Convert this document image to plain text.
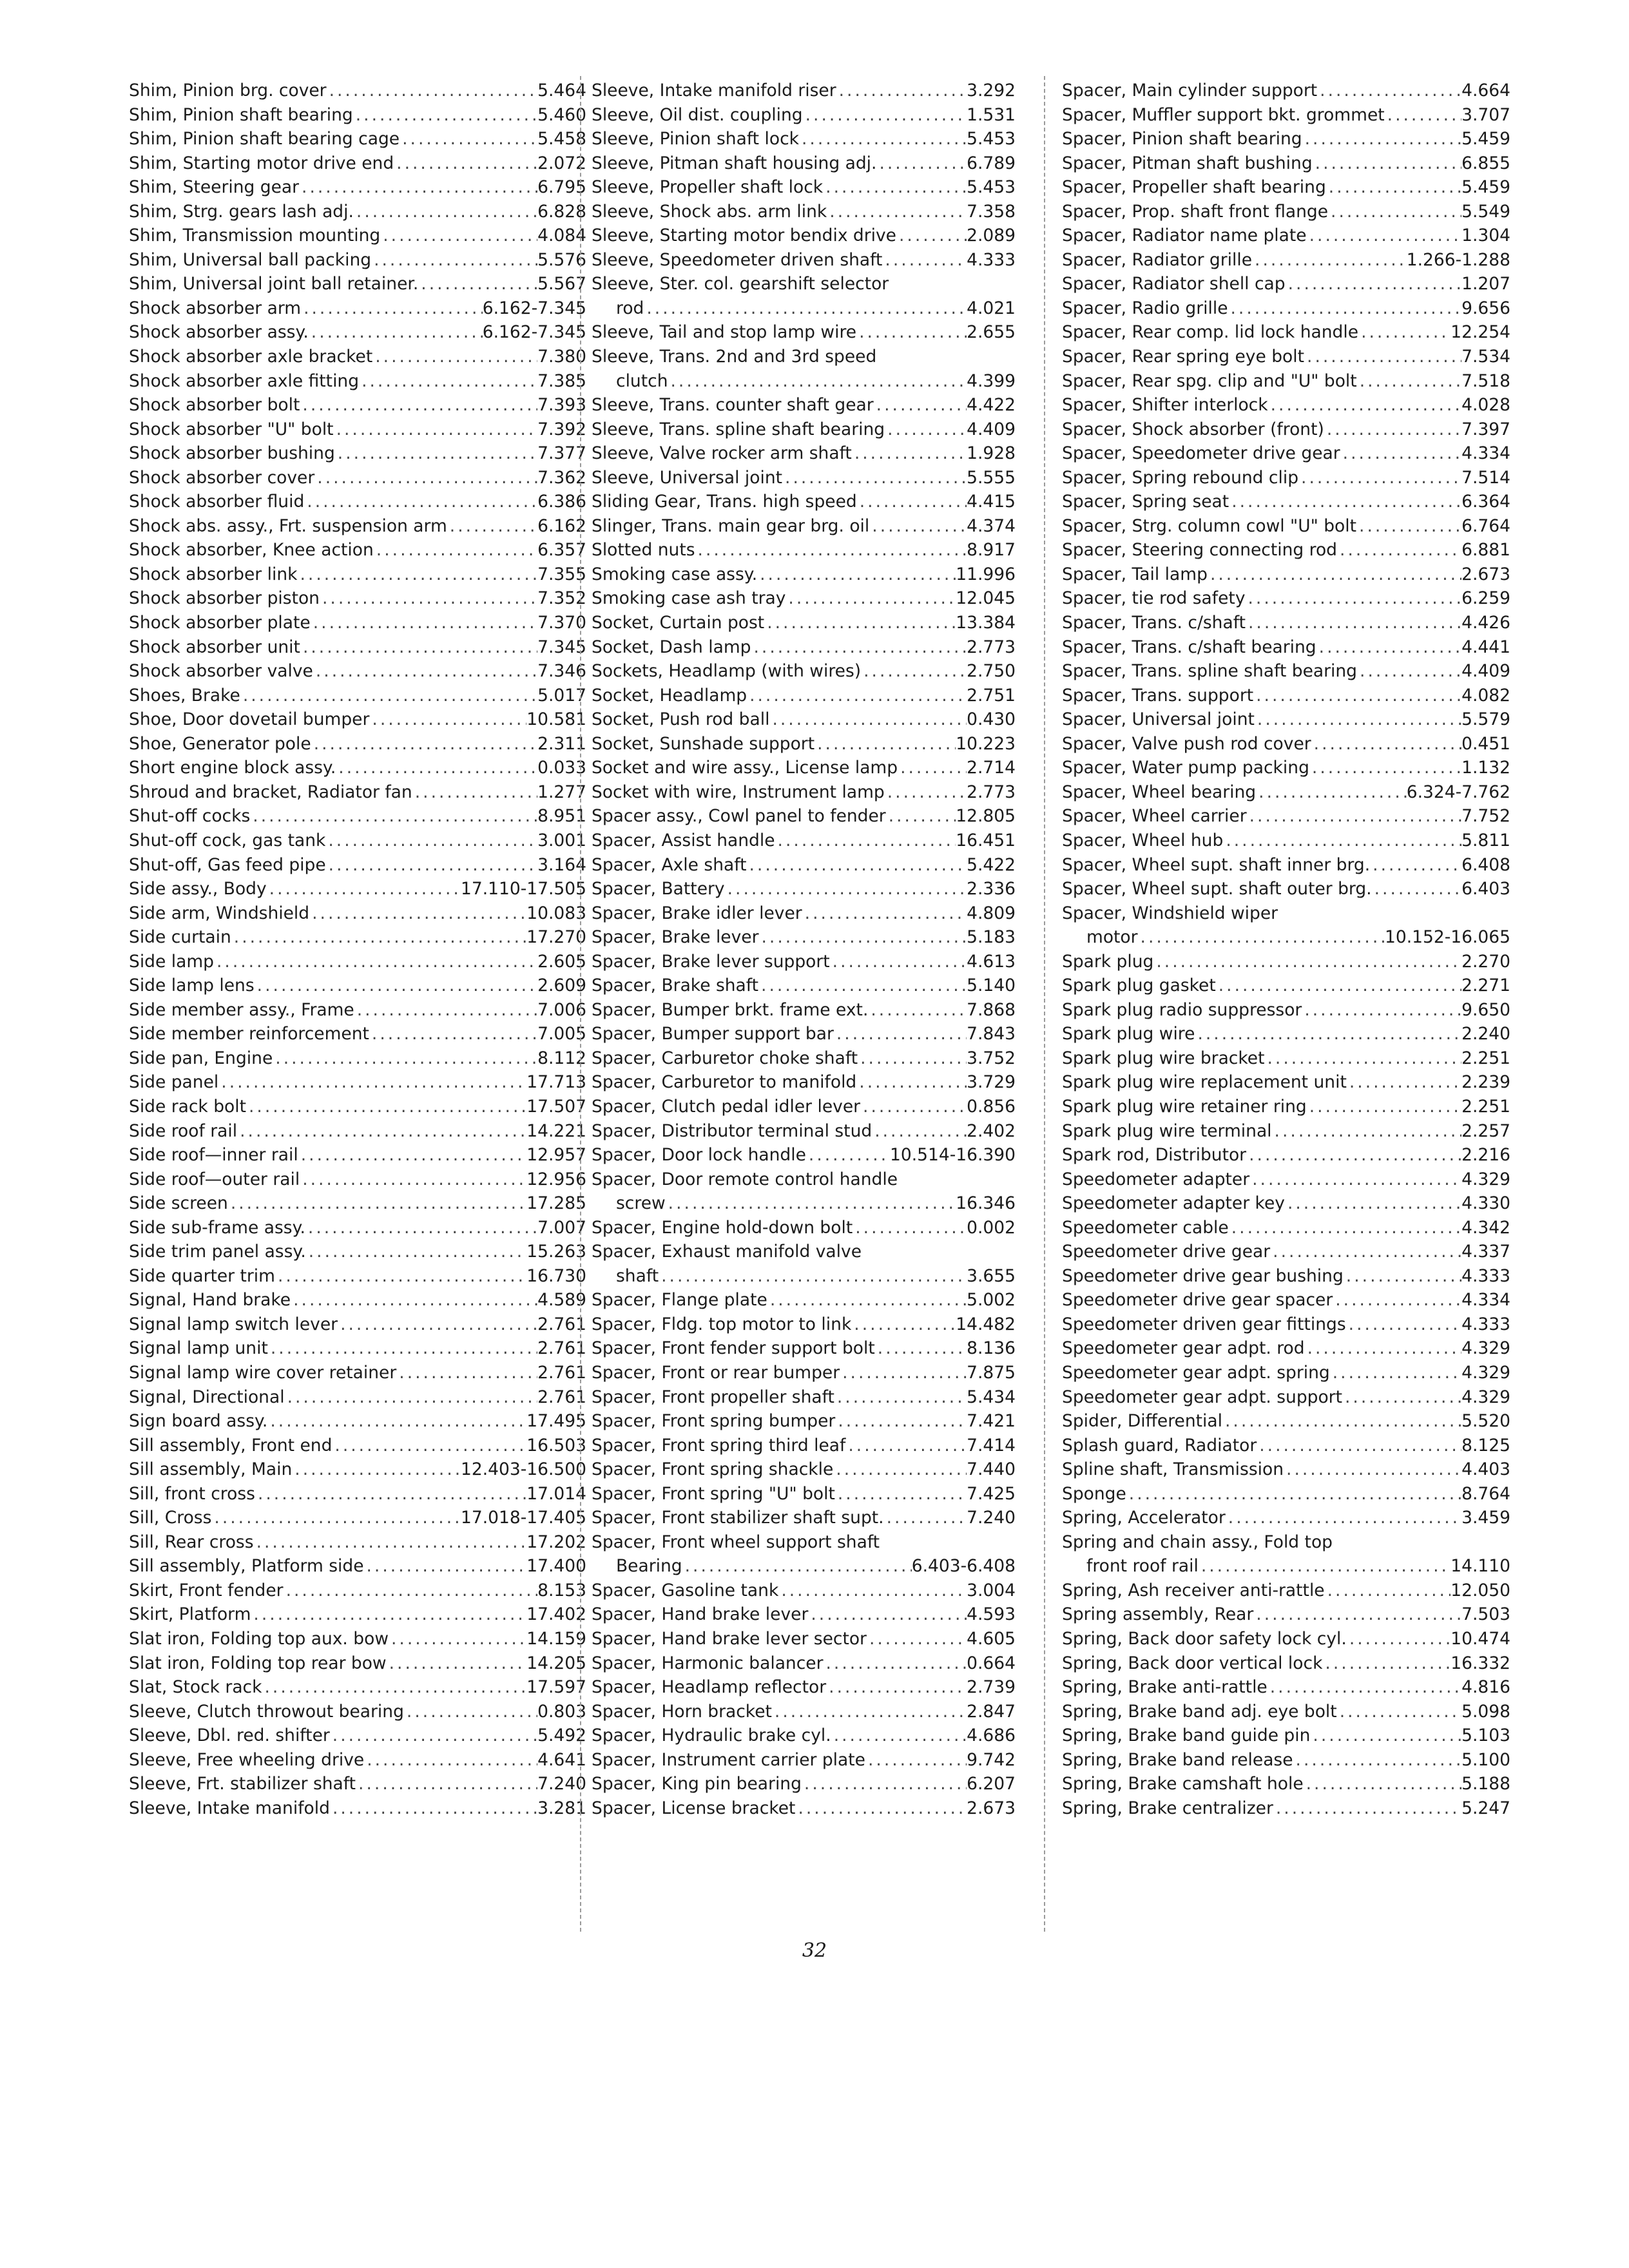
Shim, Pinion brg. cover .....	5.464
Shim, Pinion shaft bearing .....	5.460
Shim, Pinion shaft bearing cage .....	5.458
Shim, Starting motor drive end .....	2.072
Shim, Steering gear .....	6.795
Shim, Strg. gears lash adj. .....	6.828
Shim, Transmission mounting .....	4.084
Shim, Universal ball packing .....	5.576
Shim, Universal joint ball retainer. .....	5.567
Shock absorber arm .....	6.162-7.345
Shock absorber assy. .....	6.162-7.345
Shock absorber axle bracket .....	7.380
Shock absorber axle fitting .....	7.385
Shock absorber bolt .....	7.393
Shock absorber "U" bolt .....	7.392
Shock absorber bushing .....	7.377
Shock absorber cover .....	7.362
Shock absorber fluid .....	6.386
Shock abs. assy., Frt. suspension arm .....	6.162
Shock absorber, Knee action .....	6.357
Shock absorber link .....	7.355
Shock absorber piston .....	7.352
Shock absorber plate .....	7.370
Shock absorber unit .....	7.345
Shock absorber valve .....	7.346
Shoes, Brake .....	5.017
Shoe, Door dovetail bumper .....	10.581
Shoe, Generator pole .....	2.311
Short engine block assy. .....	0.033
Shroud and bracket, Radiator fan .....	1.277
Shut-off cocks .....	8.951
Shut-off cock, gas tank .....	3.001
Shut-off, Gas feed pipe .....	3.164
Side assy., Body .....	17.110-17.505
Side arm, Windshield .....	10.083
Side curtain .....	17.270
Side lamp .....	2.605
Side lamp lens .....	2.609
Side member assy., Frame .....	7.006
Side member reinforcement .....	7.005
Side pan, Engine .....	8.112
Side panel .....	17.713
Side rack bolt .....	17.507
Side roof rail .....	14.221
Side roof—inner rail .....	12.957
Side roof—outer rail .....	12.956
Side screen .....	17.285
Side sub-frame assy. .....	7.007
Side trim panel assy. .....	15.263
Side quarter trim .....	16.730
Signal, Hand brake .....	4.589
Signal lamp switch lever .....	2.761
Signal lamp unit .....	2.761
Signal lamp wire cover retainer .....	2.761
Signal, Directional .....	2.761
Sign board assy. .....	17.495
Sill assembly, Front end .....	16.503
Sill assembly, Main .....	12.403-16.500
Sill, front cross .....	17.014
Sill, Cross .....	17.018-17.405
Sill, Rear cross .....	17.202
Sill assembly, Platform side .....	17.400
Skirt, Front fender .....	8.153
Skirt, Platform .....	17.402
Slat iron, Folding top aux. bow .....	14.159
Slat iron, Folding top rear bow .....	14.205
Slat, Stock rack .....	17.597
Sleeve, Clutch throwout bearing .....	0.803
Sleeve, Dbl. red. shifter .....	5.492
Sleeve, Free wheeling drive .....	4.641
Sleeve, Frt. stabilizer shaft .....	7.240
Sleeve, Intake manifold .....	3.281
Sleeve, Intake manifold riser .....	3.292
Sleeve, Oil dist. coupling .....	1.531
Sleeve, Pinion shaft lock .....	5.453
Sleeve, Pitman shaft housing adj. .....	6.789
Sleeve, Propeller shaft lock .....	5.453
Sleeve, Shock abs. arm link .....	7.358
Sleeve, Starting motor bendix drive .....	2.089
Sleeve, Speedometer driven shaft .....	4.333
Sleeve, Ster. col. gearshift selector
rod .....	4.021
Sleeve, Tail and stop lamp wire .....	2.655
Sleeve, Trans. 2nd and 3rd speed
clutch .....	4.399
Sleeve, Trans. counter shaft gear .....	4.422
Sleeve, Trans. spline shaft bearing .....	4.409
Sleeve, Valve rocker arm shaft .....	1.928
Sleeve, Universal joint .....	5.555
Sliding Gear, Trans. high speed .....	4.415
Slinger, Trans. main gear brg. oil .....	4.374
Slotted nuts .....	8.917
Smoking case assy. .....	11.996
Smoking case ash tray .....	12.045
Socket, Curtain post .....	13.384
Socket, Dash lamp .....	2.773
Sockets, Headlamp (with wires) .....	2.750
Socket, Headlamp .....	2.751
Socket, Push rod ball .....	0.430
Socket, Sunshade support .....	10.223
Socket and wire assy., License lamp .....	2.714
Socket with wire, Instrument lamp .....	2.773
Spacer assy., Cowl panel to fender .....	12.805
Spacer, Assist handle .....	16.451
Spacer, Axle shaft .....	5.422
Spacer, Battery .....	2.336
Spacer, Brake idler lever .....	4.809
Spacer, Brake lever .....	5.183
Spacer, Brake lever support .....	4.613
Spacer, Brake shaft .....	5.140
Spacer, Bumper brkt. frame ext. .....	7.868
Spacer, Bumper support bar .....	7.843
Spacer, Carburetor choke shaft .....	3.752
Spacer, Carburetor to manifold .....	3.729
Spacer, Clutch pedal idler lever .....	0.856
Spacer, Distributor terminal stud .....	2.402
Spacer, Door lock handle .....	10.514-16.390
Spacer, Door remote control handle
screw .....	16.346
Spacer, Engine hold-down bolt .....	0.002
Spacer, Exhaust manifold valve
shaft .....	3.655
Spacer, Flange plate .....	5.002
Spacer, Fldg. top motor to link .....	14.482
Spacer, Front fender support bolt .....	8.136
Spacer, Front or rear bumper .....	7.875
Spacer, Front propeller shaft .....	5.434
Spacer, Front spring bumper .....	7.421
Spacer, Front spring third leaf .....	7.414
Spacer, Front spring shackle .....	7.440
Spacer, Front spring "U" bolt .....	7.425
Spacer, Front stabilizer shaft supt. .....	7.240
Spacer, Front wheel support shaft
Bearing .....	6.403-6.408
Spacer, Gasoline tank .....	3.004
Spacer, Hand brake lever .....	4.593
Spacer, Hand brake lever sector .....	4.605
Spacer, Harmonic balancer .....	0.664
Spacer, Headlamp reflector .....	2.739
Spacer, Horn bracket .....	2.847
Spacer, Hydraulic brake cyl. .....	4.686
Spacer, Instrument carrier plate .....	9.742
Spacer, King pin bearing .....	6.207
Spacer, License bracket .....	2.673
Spacer, Main cylinder support .....	4.664
Spacer, Muffler support bkt. grommet .....	3.707
Spacer, Pinion shaft bearing .....	5.459
Spacer, Pitman shaft bushing .....	6.855
Spacer, Propeller shaft bearing .....	5.459
Spacer, Prop. shaft front flange .....	5.549
Spacer, Radiator name plate .....	1.304
Spacer, Radiator grille .....	1.266-1.288
Spacer, Radiator shell cap .....	1.207
Spacer, Radio grille .....	9.656
Spacer, Rear comp. lid lock handle .....	12.254
Spacer, Rear spring eye bolt .....	7.534
Spacer, Rear spg. clip and "U" bolt .....	7.518
Spacer, Shifter interlock .....	4.028
Spacer, Shock absorber (front) .....	7.397
Spacer, Speedometer drive gear .....	4.334
Spacer, Spring rebound clip .....	7.514
Spacer, Spring seat .....	6.364
Spacer, Strg. column cowl "U" bolt .....	6.764
Spacer, Steering connecting rod .....	6.881
Spacer, Tail lamp .....	2.673
Spacer, tie rod safety .....	6.259
Spacer, Trans. c/shaft .....	4.426
Spacer, Trans. c/shaft bearing .....	4.441
Spacer, Trans. spline shaft bearing .....	4.409
Spacer, Trans. support .....	4.082
Spacer, Universal joint .....	5.579
Spacer, Valve push rod cover .....	0.451
Spacer, Water pump packing .....	1.132
Spacer, Wheel bearing .....	6.324-7.762
Spacer, Wheel carrier .....	7.752
Spacer, Wheel hub .....	5.811
Spacer, Wheel supt. shaft inner brg. .....	6.408
Spacer, Wheel supt. shaft outer brg. .....	6.403
Spacer, Windshield wiper
motor .....	10.152-16.065
Spark plug .....	2.270
Spark plug gasket .....	2.271
Spark plug radio suppressor .....	9.650
Spark plug wire .....	2.240
Spark plug wire bracket .....	2.251
Spark plug wire replacement unit .....	2.239
Spark plug wire retainer ring .....	2.251
Spark plug wire terminal .....	2.257
Spark rod, Distributor .....	2.216
Speedometer adapter .....	4.329
Speedometer adapter key .....	4.330
Speedometer cable .....	4.342
Speedometer drive gear .....	4.337
Speedometer drive gear bushing .....	4.333
Speedometer drive gear spacer .....	4.334
Speedometer driven gear fittings .....	4.333
Speedometer gear adpt. rod .....	4.329
Speedometer gear adpt. spring .....	4.329
Speedometer gear adpt. support .....	4.329
Spider, Differential .....	5.520
Splash guard, Radiator .....	8.125
Spline shaft, Transmission .....	4.403
Sponge .....	8.764
Spring, Accelerator .....	3.459
Spring and chain assy., Fold top
front roof rail .....	14.110
Spring, Ash receiver anti-rattle .....	12.050
Spring assembly, Rear .....	7.503
Spring, Back door safety lock cyl. .....	10.474
Spring, Back door vertical lock .....	16.332
Spring, Brake anti-rattle .....	4.816
Spring, Brake band adj. eye bolt .....	5.098
Spring, Brake band guide pin .....	5.103
Spring, Brake band release .....	5.100
Spring, Brake camshaft hole .....	5.188
Spring, Brake centralizer .....	5.247
32
